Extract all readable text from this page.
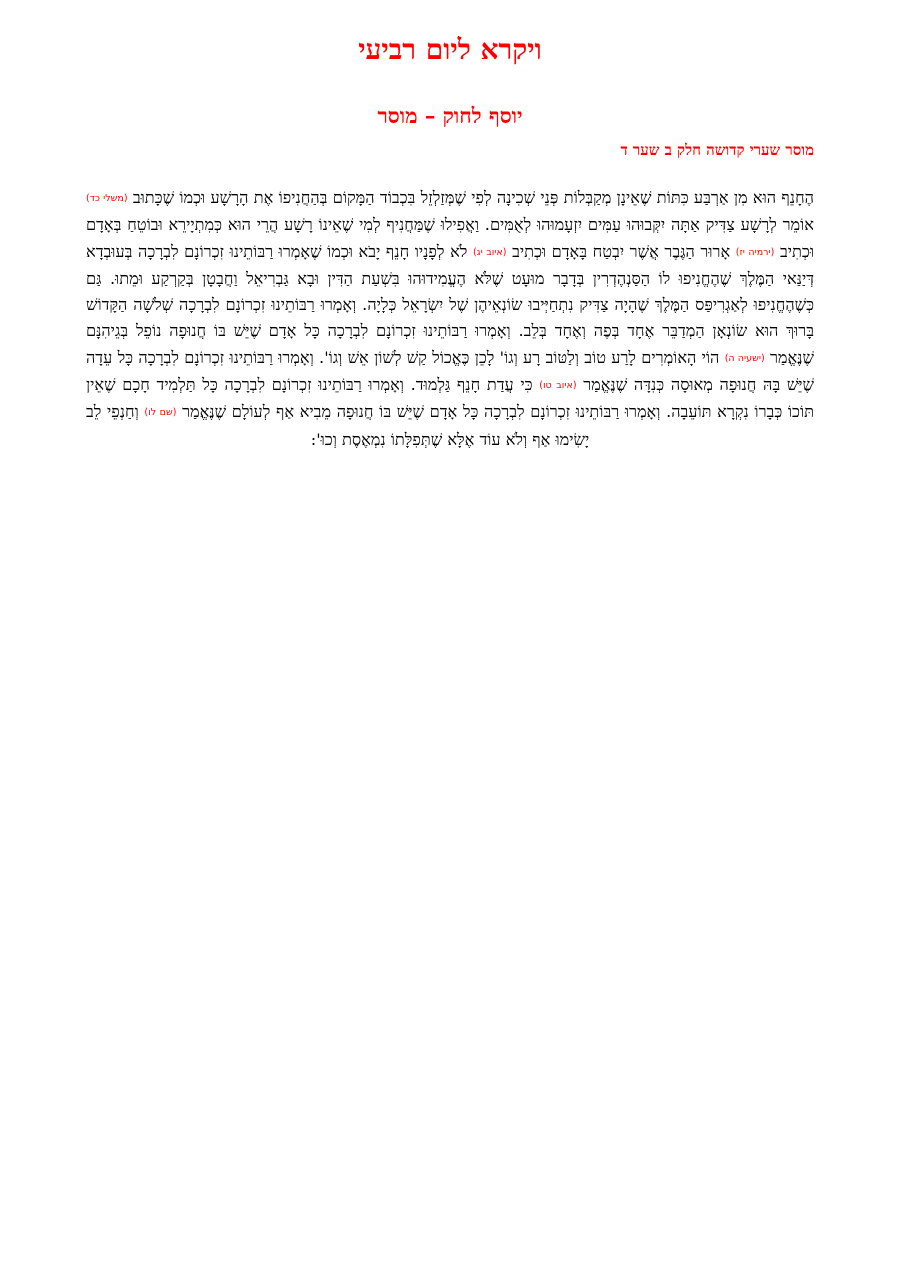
ויקרא ליום רביעי
יוסף לחוק – מוסר
מוסר שערי קדושה חלק ב שער ד
הֶחָנֵף הוּא מִן אַרְבַּע כִּתּוֹת שֶׁאֵינָן מְקַבְּלוֹת פְּנֵי שְׁכִינָה לְפִי שֶׁמְּזַלְזֵל בִּכְבוֹד הַמָּקוֹם בְּהַחֲנִיפוֹ אֶת הָרָשָׁע וּכְמוֹ שֶׁכָּתוּב (משלי כד) אוֹמֵר לְרָשָׁע צַדִּיק אַתָּה יִקְּבוּהוּ עַמִּים יִזְעָמוּהוּ לְאֻמִּים. וַאֲפִילוּ שֶׁמַּחֲנִיף לְמִי שֶׁאֵינוֹ רָשָׁע הֲרֵי הוּא כְּמִתְיָירֵא וּבוֹטֵחַ בְּאָדָם וּכְתִיב (ירמיה יז) אָרוּר הַגֶּבֶר אֲשֶׁר יִבְטַח בָּאָדָם וּכְתִיב (איוב יג) לֹא לְפָנָיו חָנֵף יָבֹא וּכְמוֹ שֶׁאָמְרוּ רַבּוֹתֵינוּ זִכְרוֹנָם לִבְרָכָה בְּעוּבְדָא דְּיַנַּאי הַמֶּלֶךְ שֶׁהֶחֱנִיפוּ לוֹ הַסַּנְהֶדְרִין בְּדָבָר מוּעָט שֶׁלֹּא הֶעֱמִידוּהוּ בִּשְׁעַת הַדִּין וּבָא גַּבְרִיאֵל וַחֲבָטָן בְּקַרְקַע וּמֵתוּ. גַּם כְּשֶׁהֶחֱנִיפוּ לְאַגְרִיפַּס הַמֶּלֶךְ שֶׁהָיָה צַדִּיק נִתְחַיְּיבוּ שׂוֹנְאֵיהֶן שֶׁל יִשְׂרָאֵל כְּלָיָה. וְאָמְרוּ רַבּוֹתֵינוּ זִכְרוֹנָם לִבְרָכָה שְׁלֹשָׁה הַקָּדוֹשׁ בָּרוּךְ הוּא שׂוֹנְאָן הַמְדַבֵּר אֶחָד בְּפֶה וְאֶחָד בְּלֵב. וְאָמְרוּ רַבּוֹתֵינוּ זִכְרוֹנָם לִבְרָכָה כָּל אָדָם שֶׁיֵּשׁ בּוֹ חֲנוּפָה נוֹפֵל בְּגֵיהִנָּם שֶׁנֶּאֱמַר (ישעיה ה) הוֹי הָאוֹמְרִים לָרַע טוֹב וְלַטּוֹב רָע וְגוֹ' לָכֵן כֶּאֱכוֹל קַשׁ לְשׁוֹן אֵשׁ וְגוֹ'. וְאָמְרוּ רַבּוֹתֵינוּ זִכְרוֹנָם לִבְרָכָה כָּל עֵדָה שֶׁיֵּשׁ בָּהּ חֲנוּפָה מְאוּסָה כְּנִדָּה שֶׁנֶּאֱמַר (איוב טו) כִּי עֲדַת חָנֵף גַּלְמוּד. וְאָמְרוּ רַבּוֹתֵינוּ זִכְרוֹנָם לִבְרָכָה כָּל תַּלְמִיד חָכָם שֶׁאֵין תּוֹכוֹ כְּבָרוֹ נִקְרָא תּוֹעֵבָה. וְאָמְרוּ רַבּוֹתֵינוּ זִכְרוֹנָם לִבְרָכָה כָּל אָדָם שֶׁיֵּשׁ בּוֹ חֲנוּפָה מֵבִיא אַף לְעוֹלָם שֶׁנֶּאֱמַר (שם לו) וְחַנְפֵי לֵב יָשִׂימוּ אַף וְלֹא עוֹד אֶלָּא שֶׁתְּפִלָּתוֹ נִמְאֶסֶת וְכוּ':
